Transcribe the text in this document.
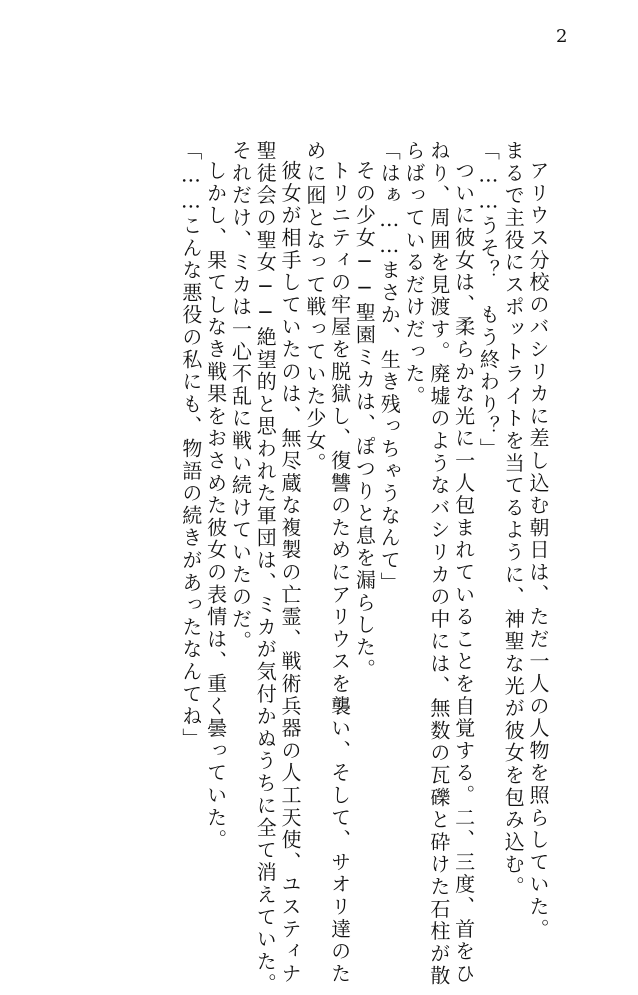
2
アリウス分校のバシリカに差し込む朝日は、ただ一人の人物を照らしていた。
まるで主役にスポットライトを当てるように、神聖な光が彼女を包み込む。
「……うそ？　もう終わり？」
ついに彼女は、柔らかな光に一人包まれていることを自覚する。二、三度、首をひ
ねり、周囲を見渡す。廃墟のようなバシリカの中には、無数の瓦礫と砕けた石柱が散
らばっているだけだった。
「はぁ……まさか、生き残っちゃうなんて」
その少女──聖園ミカは、ぽつりと息を漏らした。
トリニティの牢屋を脱獄し、復讐のためにアリウスを襲い、そして、サオリ達のた
めに囮となって戦っていた少女。
彼女が相手していたのは、無尽蔵な複製の亡霊、戦術兵器の人工天使、ユスティナ
聖徒会の聖女──絶望的と思われた軍団は、ミカが気付かぬうちに全て消えていた。
それだけ、ミカは一心不乱に戦い続けていたのだ。
しかし、果てしなき戦果をおさめた彼女の表情は、重く曇っていた。
「……こんな悪役の私にも、物語の続きがあったなんてね」
